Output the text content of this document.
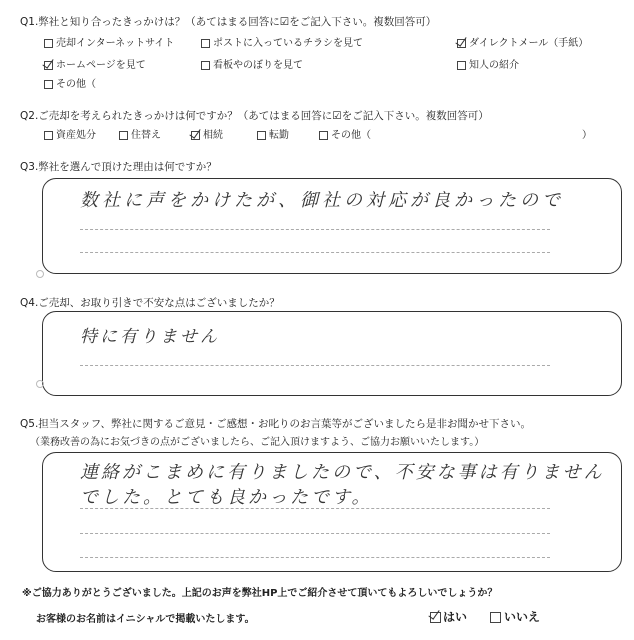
Q1.弊社と知り合ったきっかけは？（あてはまる回答に☑をご記入下さい。複数回答可）
売却インターネットサイト	ポストに入っているチラシを見て	ダイレクトメール（手紙）
ホームページを見て	看板やのぼりを見て	知人の紹介
その他（
Q2.ご売却を考えられたきっかけは何ですか？（あてはまる回答に☑をご記入下さい。複数回答可）
資産処分	住替え	相続	転勤	その他（	）
Q3.弊社を選んで頂けた理由は何ですか？
数社に声をかけたが、御社の対応が良かったので
Q4.ご売却、お取り引きで不安な点はございましたか？
特に有りません
Q5.担当スタッフ、弊社に関するご意見・ご感想・お叱りのお言葉等がございましたら是非お聞かせ下さい。
（業務改善の為にお気づきの点がございましたら、ご記入頂けますよう、ご協力お願いいたします。）
連絡がこまめに有りましたので、不安な事は有りません
でした。とても良かったです。
※ご協力ありがとうございました。上記のお声を弊社HP上でご紹介させて頂いてもよろしいでしょうか？
お客様のお名前はイニシャルで掲載いたします。	はい	いいえ
